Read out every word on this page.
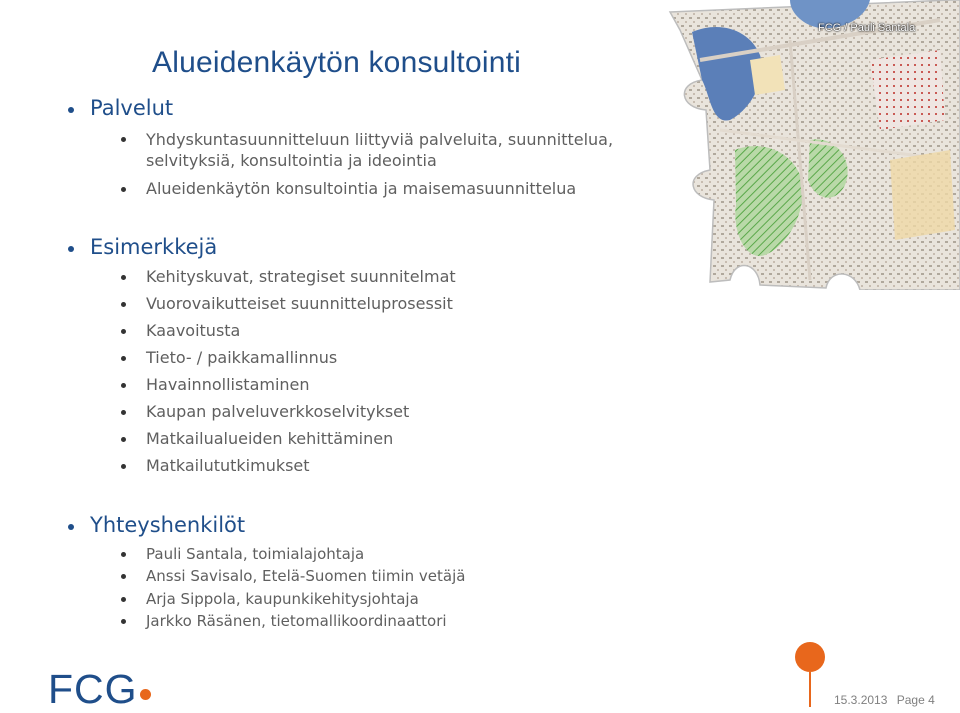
FCG / Pauli Santala
Alueidenkäytön konsultointi
Palvelut
Yhdyskuntasuunnitteluun liittyviä palveluita, suunnittelua, selvityksiä, konsultointia ja ideointia
Alueidenkäytön konsultointia ja maisemasuunnittelua
Esimerkkejä
Kehityskuvat, strategiset suunnitelmat
Vuorovaikutteiset suunnitteluprosessit
Kaavoitusta
Tieto- / paikkamallinnus
Havainnollistaminen
Kaupan palveluverkkoselvitykset
Matkailualueiden kehittäminen
Matkailututkimukset
Yhteyshenkilöt
Pauli Santala, toimialajohtaja
Anssi Savisalo, Etelä-Suomen tiimin vetäjä
Arja Sippola, kaupunkikehitysjohtaja
Jarkko Räsänen, tietomallikoordinaattori
FCG	15.3.2013 Page 4
